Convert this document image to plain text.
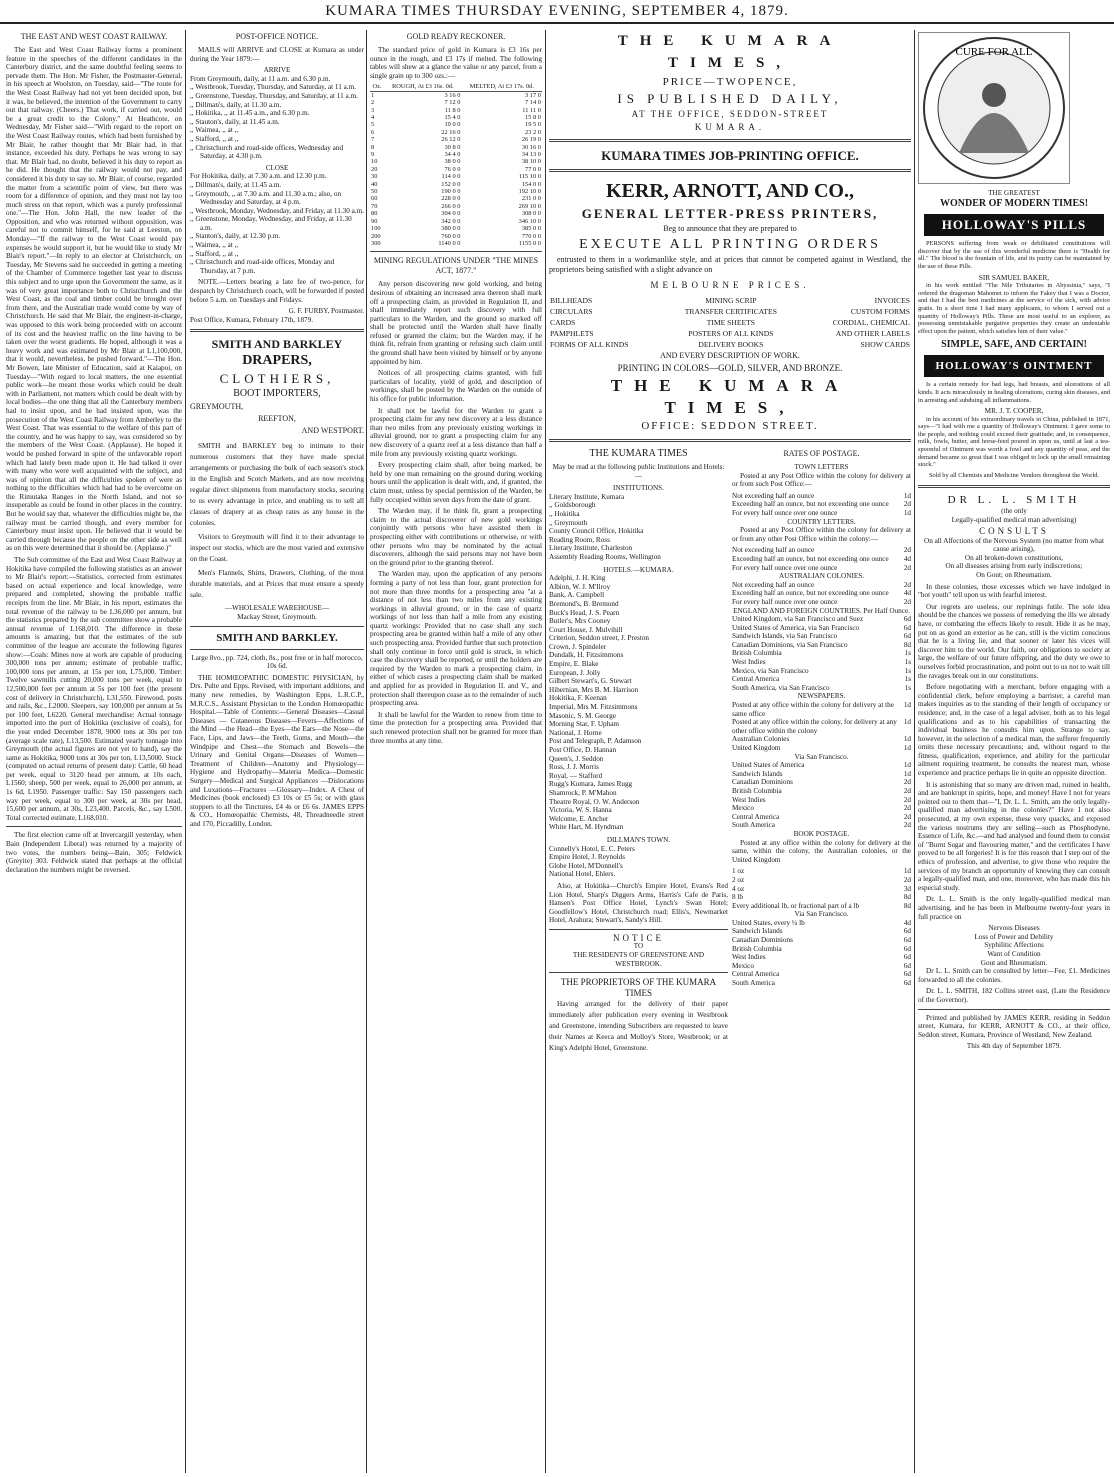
KUMARA TIMES THURSDAY EVENING, SEPTEMBER 4, 1879.
THE EAST AND WEST COAST RAILWAY.

The East and West Coast Railway forms a prominent feature in the speeches of the different candidates in the Canterbury district, and the same doubtful feeling seems to pervade them. The Hon. Mr Fisher, the Postmaster-General, in his speech at Woolston, on Tuesday, said—"The route for the West Coast Railway had not yet been decided upon, but it was, he believed, the intention of the Government to carry out that railway. (Cheers.) That work, if carried out, would be a great credit to the Colony." At Heathcote, on Wednesday, Mr Fisher said—"With regard to the report on the West Coast Railway routes, which had been furnished by Mr Blair, he rather thought that Mr Blair had, in that instance, exceeded his duty. Perhaps he was wrong to say that. Mr Blair had, no doubt, believed it his duty to report as he did. He thought that the railway would not pay, and considered it his duty to say so. Mr Blair, of course, regarded the matter from a scientific point of view, but there was room for a difference of opinion, and they must not lay too much stress on that report, which was a purely professional one."—The Hon. John Hall, the new leader of the Opposition, and who was returned without opposition, was careful not to commit himself, for he said at Leeston, on Monday—"If the railway to the West Coast would pay expenses he would support it, but he would like to study Mr Blair's report."—In reply to an elector at Christchurch, on Tuesday, Mr Stevens said he succeeded in getting a meeting of the Chamber of Commerce together last year to discuss this subject and to urge upon the Government the same, as it was of very great importance both to Christchurch and the West Coast, as the coal and timber could be brought over from there, and the Australian trade would come by way of Christchurch. He said that Mr Blair, the engineer-in-charge, was opposed to this work being proceeded with on account of its cost and the heaviest traffic on the line having to be taken over the worst gradients. He hoped, although it was a heavy work and was estimated by Mr Blair at L1,100,000, that it would, nevertheless, be pushed forward."—The Hon. Mr Bowen, late Minister of Education, said at Kaiapoi, on Tuesday—"With regard to local matters, the one essential public work—he meant those works which could be dealt with in Parliament, not matters which could be dealt with by local bodies—the one thing that all the Canterbury members had to insist upon, and he had insisted upon, was the prosecution of the West Coast Railway from Amberley to the West Coast. That was essential to the welfare of this part of the country, and he was happy to say, was considered so by the members of the West Coast. (Applause). He hoped it would be pushed forward in spite of the unfavorable report which had lately been made upon it. He had talked it over with many who were well acquainted with the subject, and was of opinion that all the difficulties spoken of were as nothing to the difficulties which had had to be overcome on the Rimutaka Ranges in the North Island, and not so insuperable as could be found in other places in the country. But he would say that, whatever the difficulties might be, the railway must be carried though, and every member for Canterbury must insist upon. He believed that it would be carried through because the people on the other side as well as on this were determined that it should be. (Applause.)"

The Sub committee of the East and West Coast Railway at Hokitika have compiled the following statistics as an answer to Mr Blair's report:—Statistics, corrected from estimates based on actual experience and local knowledge, were prepared and completed, showing the probable traffic receipts from the line. Mr Blair, in his report, estimates the total revenue of the railway to be L36,000 per annum, but the statistics prepared by the sub committee show a probable annual revenue of L168,010. The difference in these amounts is amazing, but that the estimates of the sub committee of the league are accurate the following figures show:—Coals: Mines now at work are capable of producing 300,000 tons per annum; estimate of probable traffic, 100,000 tons per annum, at 15s per ton, L75,000. Timber: Twelve sawmills cutting 20,000 tons per week, equal to 12,500,000 feet per annum at 5s per 100 feet (the present cost of delivery in Christchurch), L31,550. Firewood, posts and rails, &c., L2000. Sleepers, say 100,000 per annum at 5s per 100 feet, L6220. General merchandise: Actual tonnage imported into the port of Hokitika (exclusive of coals), for the year ended December 1878, 9000 tons at 30s per ton (average scale rate), L13,500. Estimated yearly tonnage into Greymouth (the actual figures are not yet to hand), say the same as Hokitika, 9000 tons at 30s per ton, L13,5000. Stock (computed on actual returns of present date): Cattle, 60 head per week, equal to 3120 head per annum, at 10s each, L1560; sheep, 500 per week, equal to 26,000 per annum, at 1s 6d, L1950. Passenger traffic: Say 150 passengers each way per week, equal to 300 per week, at 30s per head, 15,600 per annum, at 30s, L23,400. Parcels, &c., say L500. Total corrected estimate, L168,010.

The first election came off at Invercargill yesterday, when Bain (Independent Liberal) was returned by a majority of two votes, the numbers being—Bain, 305; Feldwick (Greyite) 303. Feldwick stated that perhaps at the official declaration the numbers might be reversed.

POST-OFFICE NOTICE.

MAILS will ARRIVE and CLOSE at Kumara as under during the Year 1879:—

ARRIVE
From Greymouth, daily, at 11 a.m. and 6.30 p.m.
,, Westbrook, Tuesday, Thursday, and Saturday, at 11 a.m.
,, Greenstone, Tuesday, Thursday, and Saturday, at 11 a.m.
,, Dillman's, daily, at 11.30 a.m.
,, Hokitika, ,, at 11.45 a.m., and 6.30 p.m.
,, Stauton's, daily, at 11.45 a.m.
,, Waimea, ,, at ,,
,, Stafford, ,, at ,,
,, Christchurch and road-side offices, Wednesday and Saturday, at 4.30 p.m.
CLOSE
For Hokitika, daily, at 7.30 a.m. and 12.30 p.m.
,, Dillman's, daily, at 11.45 a.m.
,, Greymouth, ,, at 7.30 a.m. and 11.30 a.m.; also, on Wednesday and Saturday, at 4 p.m.
,, Westbrook, Monday, Wednesday, and Friday, at 11.30 a.m.
,, Greenstone, Monday, Wednesday, and Friday, at 11.30 a.m.
,, Stanton's, daily, at 12.30 p.m.
,, Waimea, ,, at ,,
,, Stafford, ,, at ,,
,, Christchurch and road-side offices, Monday and Thursday, at 7 p.m.

NOTE.—Letters bearing a late fee of two-pence, for despatch by Christchurch coach, will be forwarded if posted before 5 a.m. on Tuesdays and Fridays.

G. F. FURBY, Postmaster.
Post Office, Kumara, February 17th, 1879.
SMITH AND BARKLEY
DRAPERS,
CLOTHIERS,
BOOT IMPORTERS,
GREYMOUTH,
REEFTON,
AND WESTPORT.

SMITH and BARKLEY beg to intimate to their numerous customers that they have made special arrangements or purchasing the bulk of each season's stock in the English and Scotch Markets, and are now receiving regular direct shipments from manufactory stocks, securing to us every advantage in price, and enabling us to sell all classes of drapery at as cheap rates as any house in the colonies.

Visitors to Greymouth will find it to their advantage to inspect our stocks, which are the most varied and extensive on the Coast.

Men's Flannels, Shirts, Drawers, Clothing, of the most durable materials, and at Prices that must ensure a speedy sale.

—WHOLESALE WAREHOUSE—
Mackay Street, Greymouth.
SMITH AND BARKLEY.
Large 8vo., pp. 724, cloth, 8s., post free or in half morocco, 10s 6d.

THE HOMŒOPATHIC DOMESTIC PHYSICIAN, by Drs. Pulte and Epps. Revised, with important additions, and many new remedies, by Washington Epps, L.R.C.P., M.R.C.S., Assistant Physician to the London Homœopathic Hospital.—Table of Contents:—General Diseases—Casual Diseases — Cutaneous Diseases—Fevers—Affections of the Mind —the Head—the Eyes—the Ears—the Nose—the Face, Lips, and Jaws—the Teeth, Gums, and Mouth—the Windpipe and Chest—the Stomach and Bowels—the Urinary and Genital Organs—Diseases of Women—Treatment of Children—Anatomy and Physiology—Hygiene and Hydropathy—Materia Medica—Domestic Surgery—Medical and Surgical Appliances —Dislocations and Luxations—Fractures —Glossary—Index. A Chest of Medicines (book enclosed) £3 10s or £5 5s; or with glass stoppers to all the Tinctures, £4 4s or £6 6s. JAMES EPPS & CO., Homœopathic Chemists, 48, Threadneedle street and 170, Piccadilly, London.

GOLD READY RECKONER.

The standard price of gold in Kumara is £3 16s per ounce in the rough, and £3 17s if melted. The following tables will shew at a glance the value or any parcel, from a single grain up to 300 ozs.:—

Oz.	ROUGH, At £3 16s. 0d.	MELTED, At £3 17s. 0d.
1	3 16 0	3 17 0
2	7 12 0	7 14 0
3	11 8 0	11 11 0
4	15 4 0	15 8 0
5	19 0 0	19 5 0
6	22 16 0	23 2 0
7	26 12 0	26 19 0
8	30 8 0	30 16 0
9	34 4 0	34 13 0
10	38 0 0	38 10 0
20	76 0 0	77 0 0
30	114 0 0	115 10 0
40	152 0 0	154 0 0
50	190 0 0	192 10 0
60	228 0 0	231 0 0
70	266 0 0	269 10 0
80	304 0 0	308 0 0
90	342 0 0	346 10 0
100	380 0 0	385 0 0
200	760 0 0	770 0 0
300	1140 0 0	1155 0 0
MINING REGULATIONS UNDER "THE MINES ACT, 1877."

Any person discovering new gold working, and being desirous of obtaining an increased area thereon shall mark off a prospecting claim, as provided in Regulation II, and shall immediately report such discovery with full particulars to the Warden, and the ground so marked off shall be protected until the Warden shall have finally refused or granted the claim; but the Warden may, if he think fit, refrain from granting or refusing such claim until the ground shall have been visited by himself or by anyone appointed by him.

Notices of all prospecting claims granted, with full particulars of locality, yield of gold, and description of workings, shall be posted by the Warden on the outside of his office for public information.

It shall not be lawful for the Warden to grant a prospecting claim for any new discovery at a less distance than two miles from any previously existing workings in alluvial ground, nor to grant a prospecting claim for any new discovery of a quartz reef at a less distance than half a mile from any previously existing quartz workings.

Every prospecting claim shall, after being marked, be held by one man remaining on the ground during working hours until the application is dealt with, and, if granted, the claim must, unless by special permission of the Warden, be fully occupied within seven days from the date of grant.

The Warden may, if he think fit, grant a prospecting claim to the actual discoverer of new gold workings conjointly with persons who have assisted them in prospecting either with contributions or otherwise, or with other persons who may be nominated by the actual discoverers, although the said persons may not have been on the ground prior to the granting thereof.

The Warden may, upon the application of any persons forming a party of not less than four, grant protection for not more than three months for a prospecting area "at a distance of not less than two miles from any existing workings in alluvial ground, or in the case of quartz workings of not less than half a mile from any existing quartz workings: Provided that no case shall any such prospecting area be granted within half a mile of any other such prospecting area. Provided further that such protection shall only continue in force until gold is struck, in which case the discovery shall be reported, or until the holders are required by the Warden to mark a prospecting claim, in either of which cases a prospecting claim shall be marked and applied for as provided in Regulation II. and V., and protection shall thereupon cease as to the remainder of such prospecting area.

It shall be lawful for the Warden to renew from time to time the protection for a prospecting area. Provided that such renewed protection shall not be granted for more than three months at any time.

THE KUMARA TIMES,
PRICE—TWOPENCE,
IS PUBLISHED DAILY,
AT THE OFFICE, SEDDON-STREET
KUMARA.
KUMARA TIMES JOB-PRINTING OFFICE.
KERR, ARNOTT, AND CO.,
GENERAL LETTER-PRESS PRINTERS,
Beg to announce that they are prepared to
EXECUTE ALL PRINTING ORDERS

entrusted to them in a workmanlike style, and at prices that cannot be competed against in Westland, the proprietors being satisfied with a slight advance on

MELBOURNE PRICES.
BILLHEADS	MINING SCRIP	INVOICES
CIRCULARS	TRANSFER CERTIFICATES	CUSTOM FORMS
CARDS	TIME SHEETS	CORDIAL, CHEMICAL
PAMPHLETS	POSTERS OF ALL KINDS	AND OTHER LABELS
FORMS OF ALL KINDS	DELIVERY BOOKS	SHOW CARDS
AND EVERY DESCRIPTION OF WORK.
PRINTING IN COLORS—GOLD, SILVER, AND BRONZE.
THE KUMARA TIMES,
OFFICE: SEDDON STREET.
THE KUMARA TIMES
May be read at the following public Institutions and Hotels:—
INSTITUTIONS.
Literary Institute, Kumara
,, Goldsborough
,, Hokitika
,, Greymouth
County Council Office, Hokitika
Reading Room, Ross
Literary Institute, Charleston
Assembly Reading Rooms, Wellington
HOTELS.—KUMARA.
Adelphi, J. H. King
Albion, W. J. M'Ilroy
Bank, A. Campbell
Bremond's, B. Bremond
Buck's Head, J. S. Pearn
Butler's, Mrs Cooney
Court House, J. Mulvihill
Criterion, Seddon street, J. Preston
Crown, J. Spindeler
Dundalk, H. Fitzsimmons
Empire, E. Blake
European, J. Jolly
Gilbert Stewart's, G. Stewart
Hibernian, Mrs B. M. Harrison
Hokitika, F. Keenan
Imperial, Mrs M. Fitzsimmons
Masonic, S. M. George
Morning Star, F. Upham
National, J. Horne
Post and Telegraph, P. Adamson
Post Office, D. Hannan
Queen's, J. Seddon
Ross, J. J. Morris
Royal, — Stafford
Rugg's Kumara, James Rugg
Shamrock, P. M'Mahon
Theatre Royal, O. W. Anderson
Victoria, W. S. Hanna
Welcome, E. Ancher
White Hart, M. Hyndman
DILLMAN'S TOWN.
Connelly's Hotel, E. C. Peters
Empire Hotel, J. Reynolds
Globe Hotel, M'Donnell's
National Hotel, Ehlers.

Also, at Hokitika—Church's Empire Hotel, Evans's Red Lion Hotel, Sharp's Diggers Arms, Harris's Cafe de Paris, Hansen's Post Office Hotel, Lynch's Swan Hotel; Goodfellow's Hotel, Christchurch road; Ellis's, Newmarket Hotel, Arahura; Stewart's, Sandy's Hill.

NOTICE
TO
THE RESIDENTS OF GREENSTONE AND WESTBROOK.
THE PROPRIETORS OF THE KUMARA TIMES

Having arranged for the delivery of their paper immediately after publication every evening in Westbrook and Greenstone, intending Subscribers are requested to leave their Names at Keeca and Molloy's Store, Westbrook; or at King's Adelphi Hotel, Greenstone.

RATES OF POSTAGE.
TOWN LETTERS

Posted at any Post Office within the colony for delivery at or from such Post Office:—

Not exceeding half an ounce	1d
Exceeding half an ounce, but not exceeding one ounce 2d
For every half ounce over one ounce	1d
COUNTRY LETTERS.

Posted at any Post Office within the colony for delivery at or from any other Post Office within the colony:—

Not exceeding half an ounce	2d
Exceeding half an ounce, but not exceeding one ounce 4d
For every half ounce over one ounce	2d
AUSTRALIAN COLONIES.
Not exceeding half an ounce	2d
Exceeding half an ounce, but not exceeding one ounce 4d
For every half ounce over one ounce	2d
ENGLAND AND FOREIGN COUNTRIES. Per Half Ounce.
United Kingdom, via San Francisco and Suez	6d
United States of America, via San Francisco	6d
Sandwich Islands, via San Francisco	6d
Canadian Dominions, via San Francisco	8d
British Columbia	1s
West Indies	1s
Mexico, via San Francisco	1s
Central America	1s
South America, via San Francisco	1s
NEWSPAPERS.
Posted at any office within the colony for delivery at the same office
1d
Posted at any office within the colony, for delivery at any other office within the colony
1d
Australian Colonies	1d
United Kingdom	1d
Via San Francisco.
United States of America	1d
Sandwich Islands	1d
Canadian Dominions	2d
British Columbia	2d
West Indies	2d
Mexico	2d
Central America	2d
South America	2d
BOOK POSTAGE.

Posted at any office within the colony for delivery at the same, within the colony, the Australian colonies, or the United Kingdom

1 oz	1d
2 oz	2d
4 oz	3d
8 lb	8d
Every additional lb, or fractional part of a lb	8d
Via San Francisco.
United States, every ¼ lb	4d
Sandwich Islands	6d
Canadian Dominions	6d
British Columbia	6d
West Indies	6d
Mexico	6d
Central America	6d
South America	6d
CURE FOR ALL
THE GREATEST
WONDER OF MODERN TIMES!
HOLLOWAY'S PILLS

PERSONS suffering from weak or debilitated constitutions will discover that by the use of this wonderful medicine there is "Health for all." The blood is the fountain of life, and its purity can be maintained by the use of these Pills.

SIR SAMUEL BAKER,

in his work entitled "The Nile Tributaries in Abyssinia," says, "I ordered the dragoman Mahomet to inform the Fakey that I was a Doctor, and that I had the best medicines at the service of the sick, with advice gratis. In a short time I had many applicants, to whom I served out a quantity of Holloway's Pills. These are most useful to an explorer, as possessing unmistakable purgative properties they create an undeniable effect upon the patient, which satisfies him of their value."

SIMPLE, SAFE, AND CERTAIN!
HOLLOWAY'S OINTMENT

Is a certain remedy for bad legs, bad breasts, and ulcerations of all kinds. It acts miraculously in healing ulcerations, curing skin diseases, and in arresting and subduing all inflammations.

MR. J. T. COOPER,

in his account of his extraordinary travels in China, published in 1871, says—"I had with me a quantity of Holloway's Ointment. I gave some to the people, and nothing could exceed their gratitude; and, in consequence, milk, fowls, butter, and horse-feed poured in upon us, until at last a tea-spoonful of Ointment was worth a fowl and any quantity of peas, and the demand became so great that I was obliged to lock up the small remaining stock."

Sold by all Chemists and Medicine Vendors throughout the World.
DR L. L. SMITH
(the only
Legally-qualified medical man advertising)
CONSULTS
On all Affections of the Nervous System (no matter from what cause arising),
On all broken-down constitutions,
On all diseases arising from early indiscretions;
On Gout; on Rheumatism.

In these colonies, those excesses which we have indulged in "hot youth" tell upon us with fearful interest.

Our regrets are useless, our repinings futile. The sole idea should be the chances we possess of remedying the ills we already have, or combating the effects likely to result. Hide it as he may, put on as good an exterior as he can, still is the victim conscious that he is a living lie, and that sooner or later his vices will discover him to the world. Our faith, our obligations to society at large, the welfare of our future offspring, and the duty we owe to ourselves forbid procrastination, and point out to us not to wait till the ravages break out in our constitutions.

Before negotiating with a merchant, before engaging with a confidential clerk, before employing a barrister, a careful man makes inquiries as to the standing of their length of occupancy or residence; and, in the case of a legal adviser, both as to his legal qualifications and as to his capabilities of transacting the individual business he consults him upon. Strange to say, however, in the selection of a medical man, the sufferer frequently omits these necessary precautions; and, without regard to the fitness, qualification, experience, and ability for the particular ailment requiring treatment, he consults the nearest man, whose experience and practice perhaps lie in quite an opposite direction.

It is astonishing that so many are driven mad, ruined in health, and are bankrupt in spirits, hope, and money! Have I not for years pointed out to them that—"I, Dr. L. L. Smith, am the only legally-qualified man advertising in the colonies?" Have I not also prosecuted, at my own expense, these very quacks, and exposed the various nostrums they are selling—such as Phosphodyne, Essence of Life, &c.—and had analysed and found them to consist of "Burnt Sugar and flavouring matter," and the certificates I have proved to be all forgeries! It is for this reason that I step out of the ethics of profession, and advertise, to give those who require the services of my branch an opportunity of knowing they can consult a legally-qualified man, and one, moreover, who has made this his especial study.

Dr. L. L. Smith is the only legally-qualified medical man advertising, and he has been in Melbourne twenty-four years in full practice on

Nervous Diseases
Loss of Power and Debility
Syphilitic Affections
Want of Condition
Gout and Rheumatism.

Dr L. L. Smith can be consulted by letter—Fee, £1. Medicines forwarded to all the colonies.

Dr. L. L. SMITH, 182 Collins street east, (Late the Residence of the Governor).

Printed and published by JAMES KERR, residing in Seddon street, Kumara, for KERR, ARNOTT & CO., at their office, Seddon street, Kumara, Province of Westland, New Zealand.

This 4th day of September 1879.
